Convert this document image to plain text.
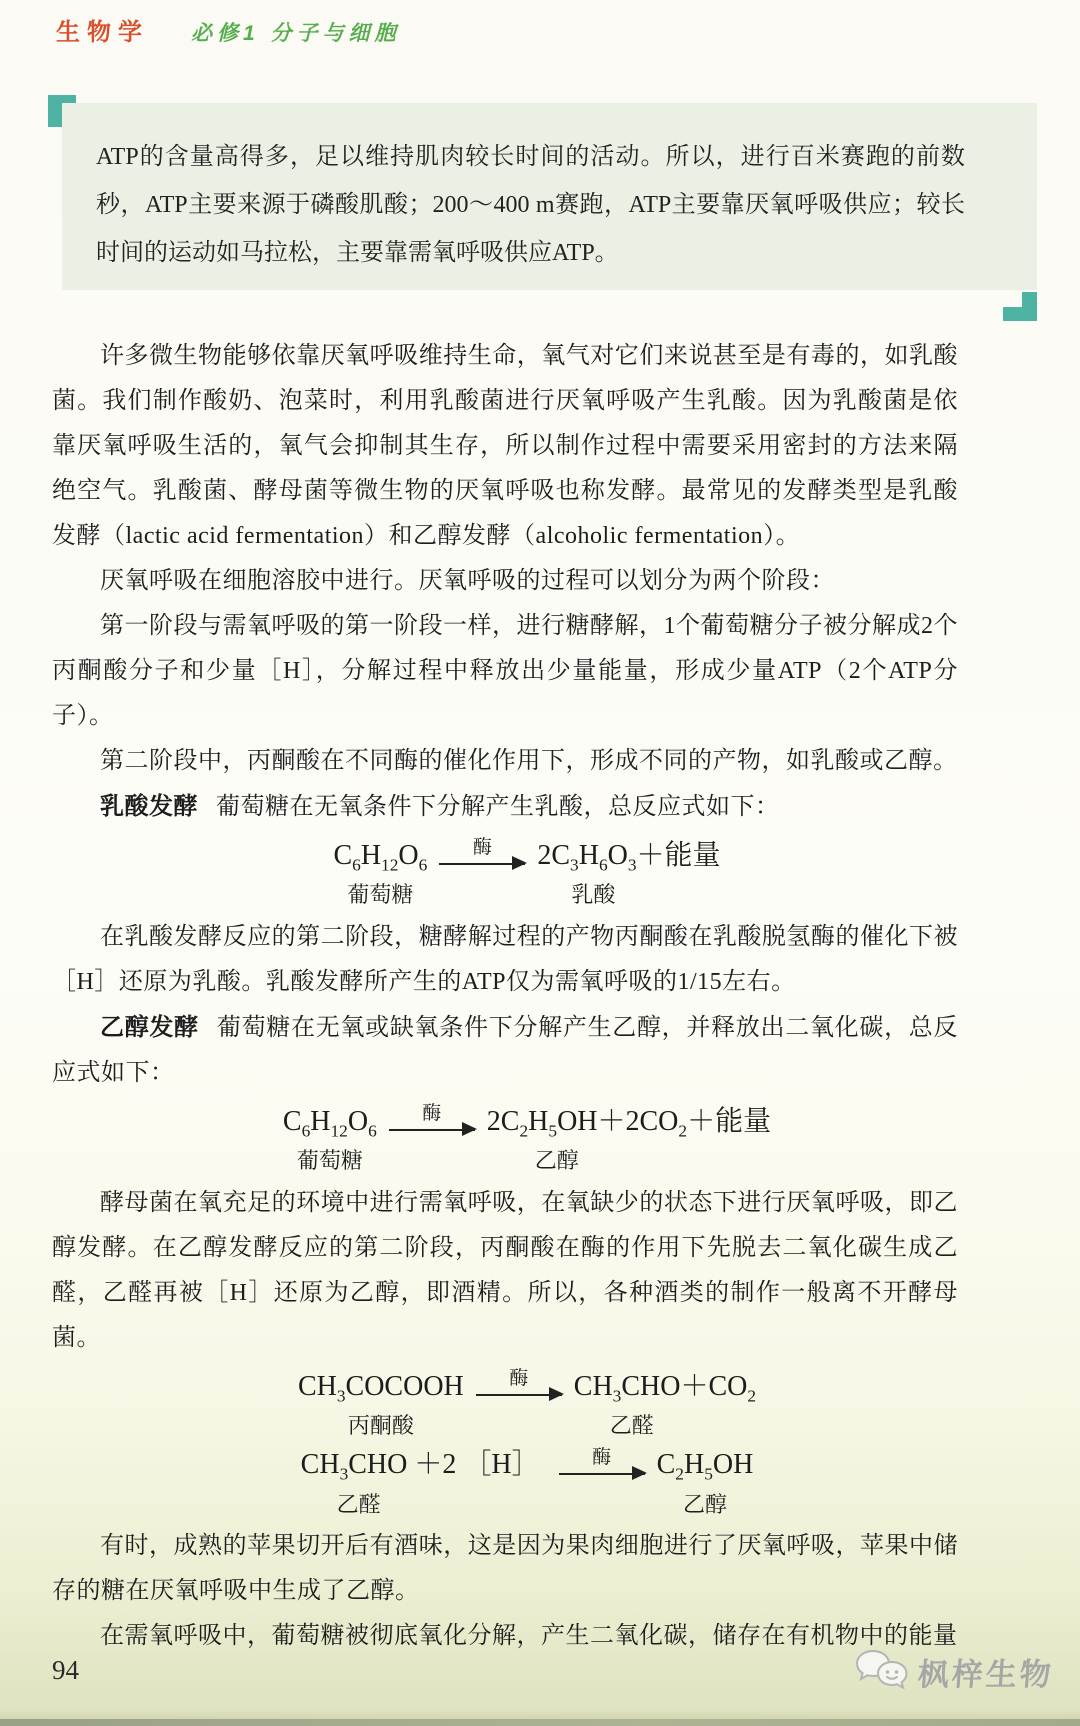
生物学 必修1 分子与细胞

ATP的含量高得多，足以维持肌肉较长时间的活动。所以，进行百米赛跑的前数秒，ATP主要来源于磷酸肌酸；200～400 m赛跑，ATP主要靠厌氧呼吸供应；较长时间的运动如马拉松，主要靠需氧呼吸供应ATP。

许多微生物能够依靠厌氧呼吸维持生命，氧气对它们来说甚至是有毒的，如乳酸菌。我们制作酸奶、泡菜时，利用乳酸菌进行厌氧呼吸产生乳酸。因为乳酸菌是依靠厌氧呼吸生活的，氧气会抑制其生存，所以制作过程中需要采用密封的方法来隔绝空气。乳酸菌、酵母菌等微生物的厌氧呼吸也称发酵。最常见的发酵类型是乳酸发酵（lactic acid fermentation）和乙醇发酵（alcoholic fermentation）。

厌氧呼吸在细胞溶胶中进行。厌氧呼吸的过程可以划分为两个阶段：

第一阶段与需氧呼吸的第一阶段一样，进行糖酵解，1个葡萄糖分子被分解成2个丙酮酸分子和少量［H］，分解过程中释放出少量能量，形成少量ATP（2个ATP分子）。

第二阶段中，丙酮酸在不同酶的催化作用下，形成不同的产物，如乳酸或乙醇。

乳酸发酵 葡萄糖在无氧条件下分解产生乳酸，总反应式如下：

$C_6H_{12}O_6$
酶 $2C_3H_6O_3+$能量
葡萄糖	乳酸

在乳酸发酵反应的第二阶段，糖酵解过程的产物丙酮酸在乳酸脱氢酶的催化下被［H］还原为乳酸。乳酸发酵所产生的ATP仅为需氧呼吸的1/15左右。

乙醇发酵 葡萄糖在无氧或缺氧条件下分解产生乙醇，并释放出二氧化碳，总反应式如下：

$C_6H_{12}O_6$
酶 $2C_2H_5OH+2CO_2+$能量
葡萄糖	乙醇

酵母菌在氧充足的环境中进行需氧呼吸，在氧缺少的状态下进行厌氧呼吸，即乙醇发酵。在乙醇发酵反应的第二阶段，丙酮酸在酶的作用下先脱去二氧化碳生成乙醛，乙醛再被［H］还原为乙醇，即酒精。所以，各种酒类的制作一般离不开酵母菌。

$CH_3COCOOH$ 酶 $CH_3CHO+CO_2$
丙酮酸	乙醛
$CH_3CHO +2$ ［H］ 酶 $C_2H_5OH$
乙醛	乙醇

有时，成熟的苹果切开后有酒味，这是因为果肉细胞进行了厌氧呼吸，苹果中储存的糖在厌氧呼吸中生成了乙醇。

在需氧呼吸中，葡萄糖被彻底氧化分解，产生二氧化碳，储存在有机物中的能量

94	枫梓生物
